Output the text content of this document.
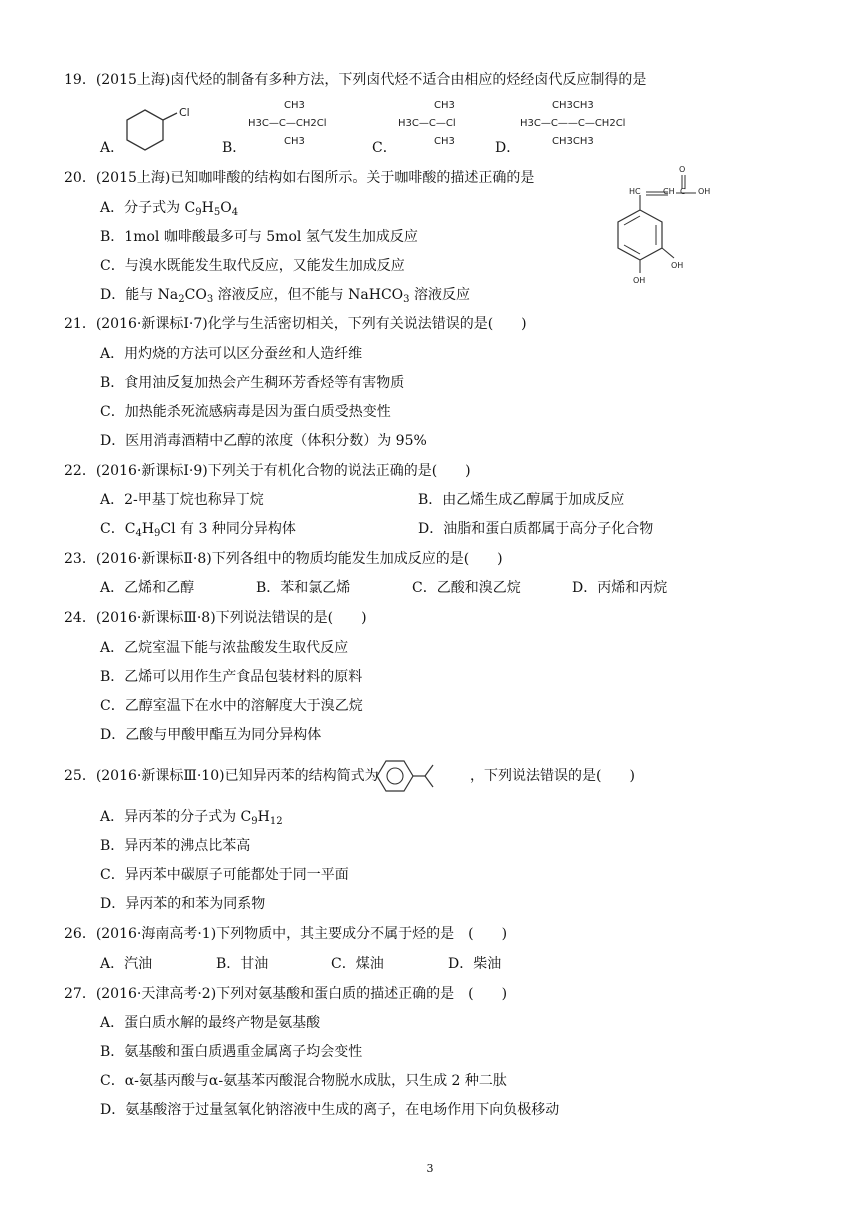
19．(2015上海)卤代烃的制备有多种方法，下列卤代烃不适合由相应的烃经卤代反应制得的是
A．
Cl
B．
CH3
H3C—C—CH2Cl
CH3	C．
CH3
H3C—C—Cl
CH3	D．
CH3CH3
H3C—C——C—CH2Cl
CH3CH3
20．(2015上海)已知咖啡酸的结构如右图所示。关于咖啡酸的描述正确的是
A．分子式为 $C_9H_5O_4$
B．1mol 咖啡酸最多可与 5mol 氢气发生加成反应
C．与溴水既能发生取代反应，又能发生加成反应
D．能与 $Na_2CO_3$ 溶液反应，但不能与 NaHCO$_3$ 溶液反应
HC	CH
O
C OH
OH
OH
21．(2016·新课标Ⅰ·7)化学与生活密切相关，下列有关说法错误的是(　　)
A．用灼烧的方法可以区分蚕丝和人造纤维
B．食用油反复加热会产生稠环芳香烃等有害物质
C．加热能杀死流感病毒是因为蛋白质受热变性
D．医用消毒酒精中乙醇的浓度（体积分数）为 95%
22．(2016·新课标Ⅰ·9)下列关于有机化合物的说法正确的是(　　)
A．2-甲基丁烷也称异丁烷	B．由乙烯生成乙醇属于加成反应
C．$C_4H_9Cl$ 有 3 种同分异构体	D．油脂和蛋白质都属于高分子化合物
23．(2016·新课标Ⅱ·8)下列各组中的物质均能发生加成反应的是(　　)
A．乙烯和乙醇	B．苯和氯乙烯	C．乙酸和溴乙烷	D．丙烯和丙烷
24．(2016·新课标Ⅲ·8)下列说法错误的是(　　)
A．乙烷室温下能与浓盐酸发生取代反应
B．乙烯可以用作生产食品包装材料的原料
C．乙醇室温下在水中的溶解度大于溴乙烷
D．乙酸与甲酸甲酯互为同分异构体
25．(2016·新课标Ⅲ·10)已知异丙苯的结构简式为	，下列说法错误的是(　　)
A．异丙苯的分子式为 $C_9H_{12}$
B．异丙苯的沸点比苯高
C．异丙苯中碳原子可能都处于同一平面
D．异丙苯的和苯为同系物
26．(2016·海南高考·1)下列物质中，其主要成分不属于烃的是　(　　)
A．汽油	B．甘油	C．煤油	D．柴油
27．(2016·天津高考·2)下列对氨基酸和蛋白质的描述正确的是　(　　)
A．蛋白质水解的最终产物是氨基酸
B．氨基酸和蛋白质遇重金属离子均会变性
C．α-氨基丙酸与α-氨基苯丙酸混合物脱水成肽，只生成 2 种二肽
D．氨基酸溶于过量氢氧化钠溶液中生成的离子，在电场作用下向负极移动
3
